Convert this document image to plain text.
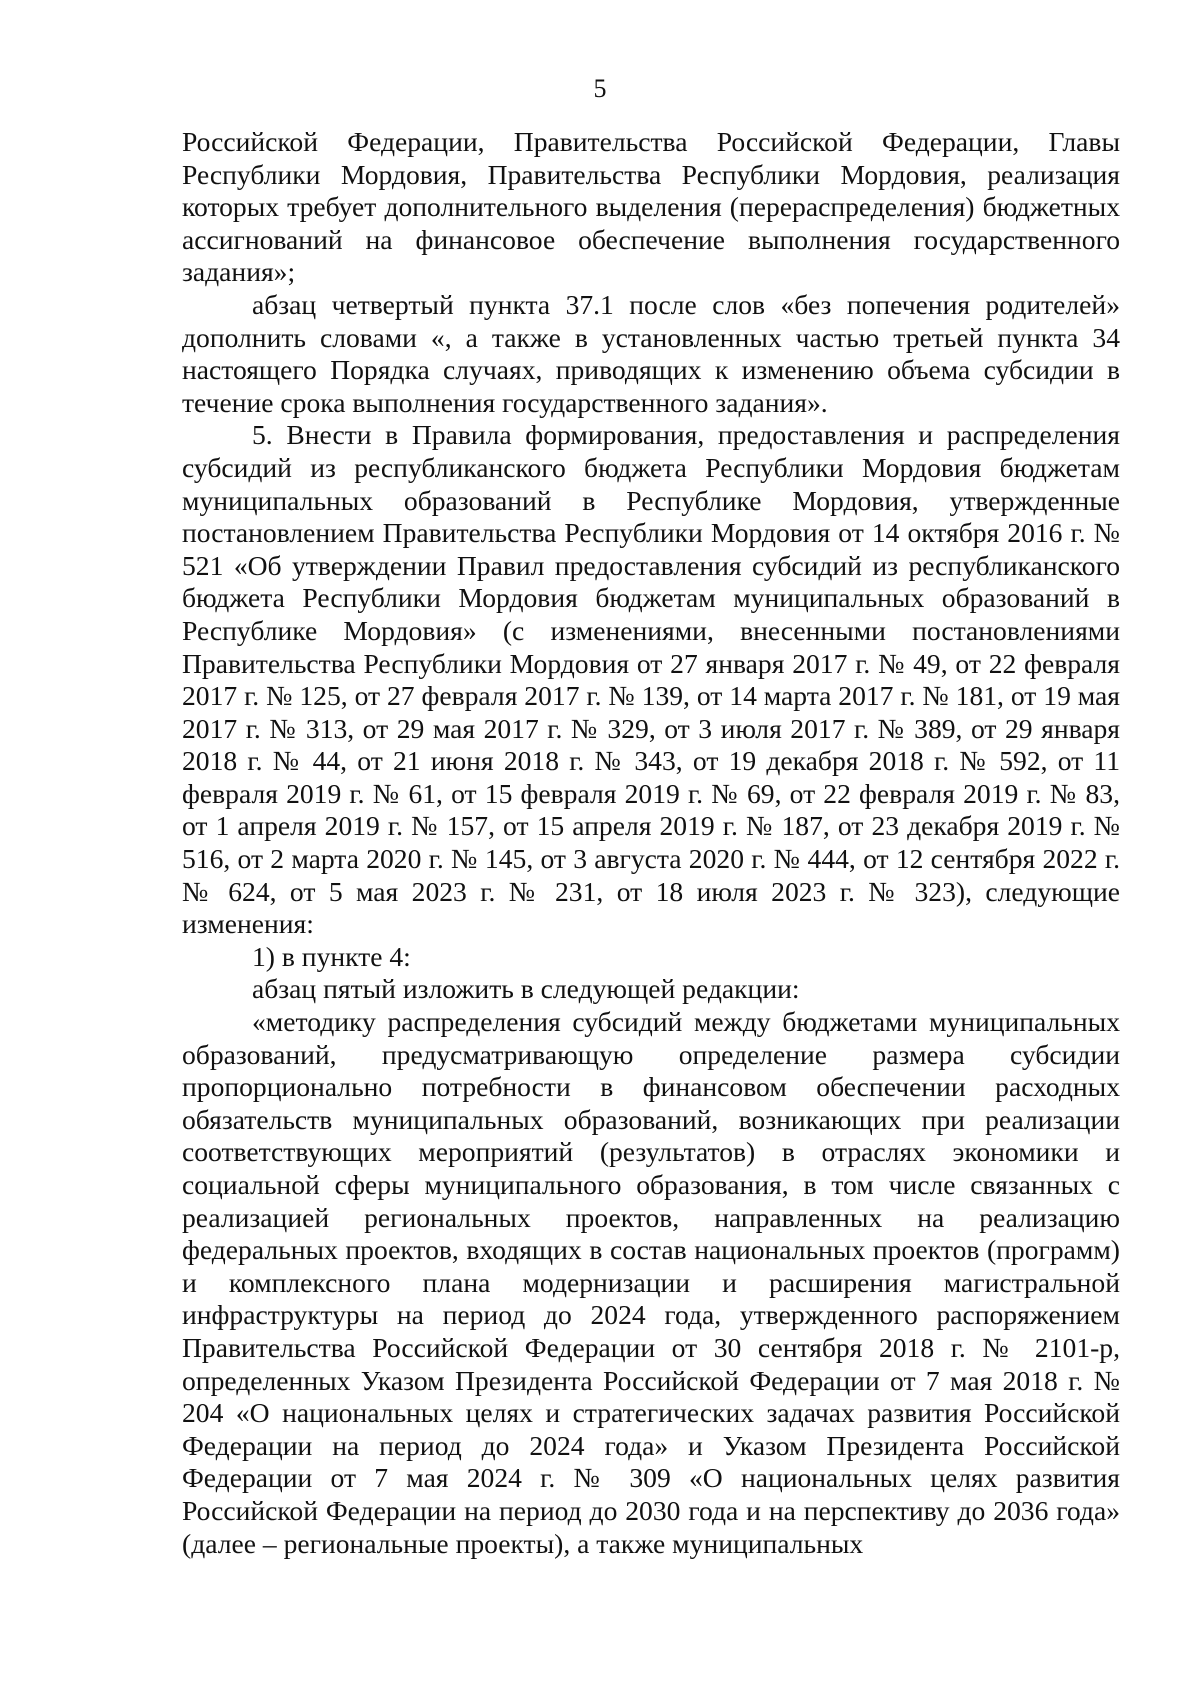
5

Российской Федерации, Правительства Российской Федерации, Главы Республики Мордовия, Правительства Республики Мордовия, реализация которых требует дополнительного выделения (перераспределения) бюджетных ассигнований на финансовое обеспечение выполнения государственного задания»;

абзац четвертый пункта 37.1 после слов «без попечения родителей» дополнить словами «, а также в установленных частью третьей пункта 34 настоящего Порядка случаях, приводящих к изменению объема субсидии в течение срока выполнения государственного задания».

5. Внести в Правила формирования, предоставления и распределения субсидий из республиканского бюджета Республики Мордовия бюджетам муниципальных образований в Республике Мордовия, утвержденные постановлением Правительства Республики Мордовия от 14 октября 2016 г. № 521 «Об утверждении Правил предоставления субсидий из республиканского бюджета Республики Мордовия бюджетам муниципальных образований в Республике Мордовия» (с изменениями, внесенными постановлениями Правительства Республики Мордовия от 27 января 2017 г. № 49, от 22 февраля 2017 г. № 125, от 27 февраля 2017 г. № 139, от 14 марта 2017 г. № 181, от 19 мая 2017 г. № 313, от 29 мая 2017 г. № 329, от 3 июля 2017 г. № 389, от 29 января 2018 г. № 44, от 21 июня 2018 г. № 343, от 19 декабря 2018 г. № 592, от 11 февраля 2019 г. № 61, от 15 февраля 2019 г. № 69, от 22 февраля 2019 г. № 83, от 1 апреля 2019 г. № 157, от 15 апреля 2019 г. № 187, от 23 декабря 2019 г. № 516, от 2 марта 2020 г. № 145, от 3 августа 2020 г. № 444, от 12 сентября 2022 г. № 624, от 5 мая 2023 г. № 231, от 18 июля 2023 г. № 323), следующие изменения:

1) в пункте 4:

абзац пятый изложить в следующей редакции:

«методику распределения субсидий между бюджетами муниципальных образований, предусматривающую определение размера субсидии пропорционально потребности в финансовом обеспечении расходных обязательств муниципальных образований, возникающих при реализации соответствующих мероприятий (результатов) в отраслях экономики и социальной сферы муниципального образования, в том числе связанных с реализацией региональных проектов, направленных на реализацию федеральных проектов, входящих в состав национальных проектов (программ) и комплексного плана модернизации и расширения магистральной инфраструктуры на период до 2024 года, утвержденного распоряжением Правительства Российской Федерации от 30 сентября 2018 г. № 2101-р, определенных Указом Президента Российской Федерации от 7 мая 2018 г. № 204 «О национальных целях и стратегических задачах развития Российской Федерации на период до 2024 года» и Указом Президента Российской Федерации от 7 мая 2024 г. № 309 «О национальных целях развития Российской Федерации на период до 2030 года и на перспективу до 2036 года» (далее – региональные проекты), а также муниципальных
